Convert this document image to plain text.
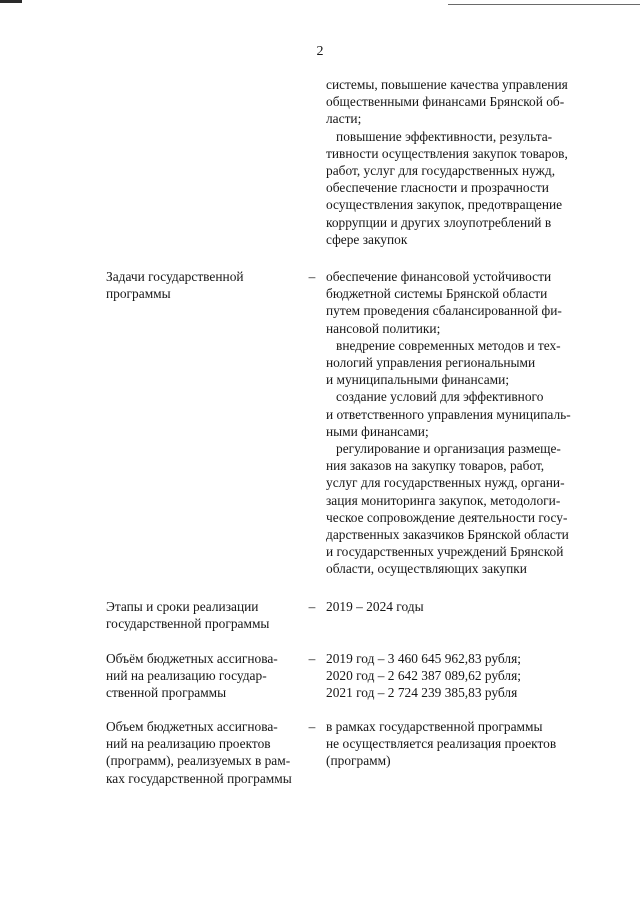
2
системы, повышение качества управления
общественными финансами Брянской об-
ласти;
повышение эффективности, результа-
тивности осуществления закупок товаров,
работ, услуг для государственных нужд,
обеспечение гласности и прозрачности
осуществления закупок, предотвращение
коррупции и других злоупотреблений в
сфере закупок
Задачи государственной
программы
– обеспечение финансовой устойчивости
бюджетной системы Брянской области
путем проведения сбалансированной фи-
нансовой политики;
внедрение современных методов и тех-
нологий управления региональными
и муниципальными финансами;
создание условий для эффективного
и ответственного управления муниципаль-
ными финансами;
регулирование и организация размеще-
ния заказов на закупку товаров, работ,
услуг для государственных нужд, органи-
зация мониторинга закупок, методологи-
ческое сопровождение деятельности госу-
дарственных заказчиков Брянской области
и государственных учреждений Брянской
области, осуществляющих закупки
Этапы и сроки реализации
государственной программы
– 2019 – 2024 годы
Объём бюджетных ассигнова-
ний на реализацию государ-
ственной программы
– 2019 год – 3 460 645 962,83 рубля;
2020 год – 2 642 387 089,62 рубля;
2021 год – 2 724 239 385,83 рубля
Объем бюджетных ассигнова-
ний на реализацию проектов
(программ), реализуемых в рам-
ках государственной программы
– в рамках государственной программы
не осуществляется реализация проектов
(программ)
